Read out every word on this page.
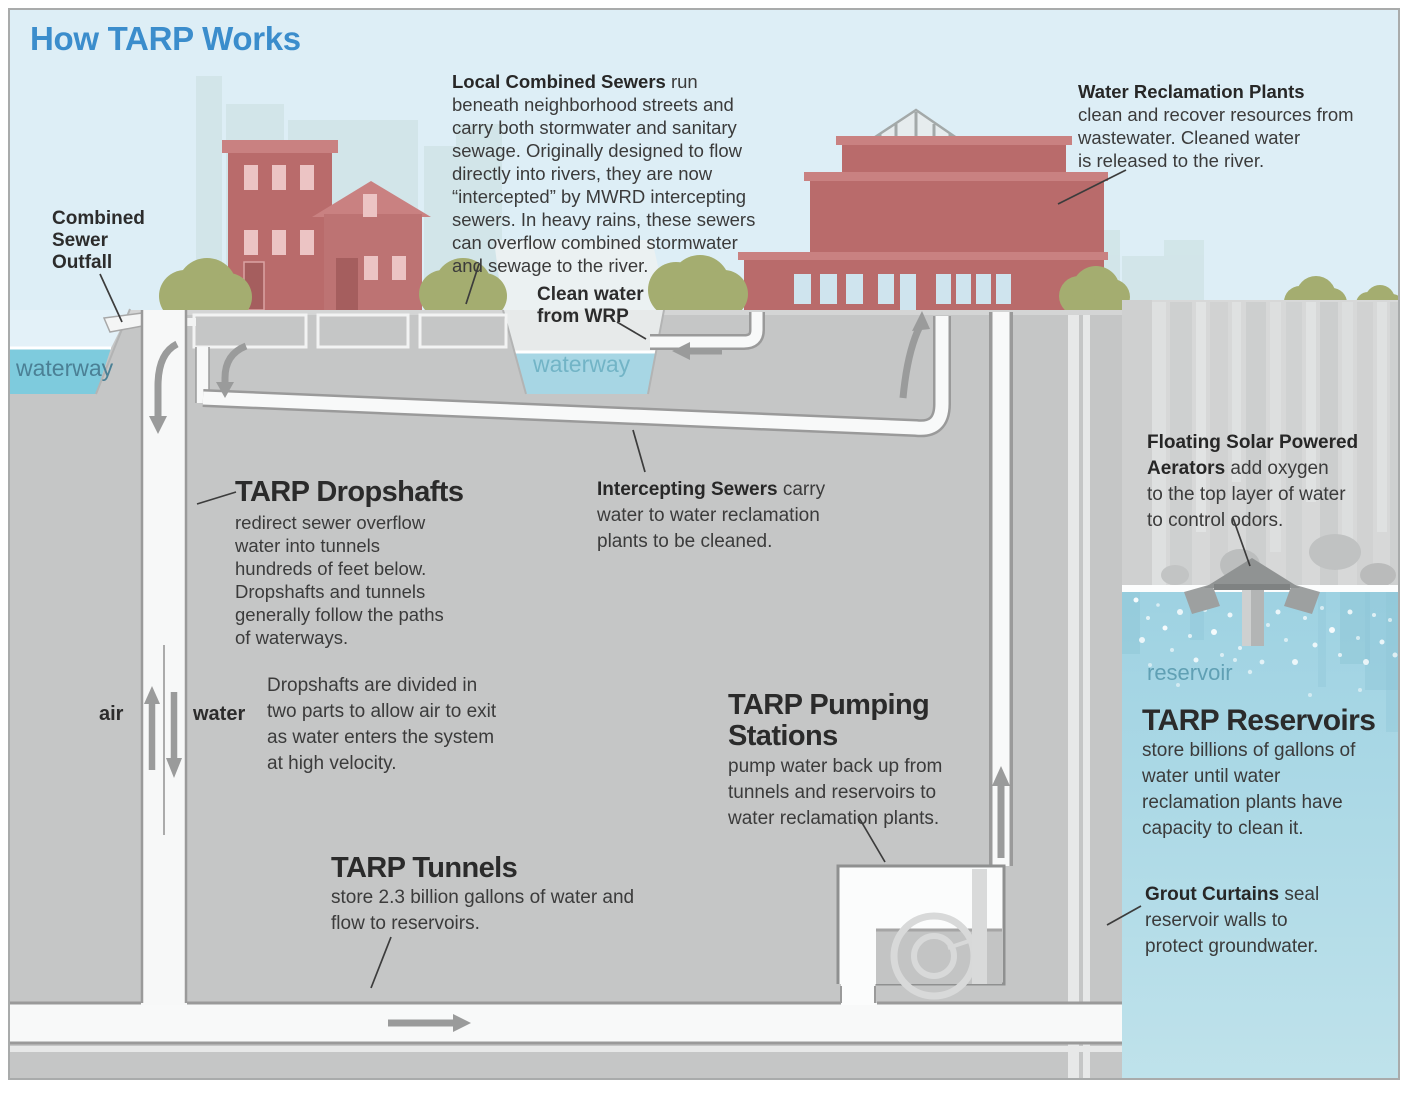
How TARP Works
Combined
Sewer
Outfall
Local Combined Sewers run
beneath neighborhood streets and
carry both stormwater and sanitary
sewage. Originally designed to flow
directly into rivers, they are now
“intercepted” by MWRD intercepting
sewers. In heavy rains, these sewers
can overflow combined stormwater
and sewage to the river.
Water Reclamation Plants
clean and recover resources from
wastewater. Cleaned water
is released to the river.
Clean water
from WRP
waterway	waterway
TARP Dropshafts
redirect sewer overflow
water into tunnels
hundreds of feet below.
Dropshafts and tunnels
generally follow the paths
of waterways.
Intercepting Sewers carry
water to water reclamation
plants to be cleaned.
Floating Solar Powered
Aerators add oxygen
to the top layer of water
to control odors.
air	water
Dropshafts are divided in
two parts to allow air to exit
as water enters the system
at high velocity.
TARP Pumping
Stations
pump water back up from
tunnels and reservoirs to
water reclamation plants.
reservoir
TARP Reservoirs
store billions of gallons of
water until water
reclamation plants have
capacity to clean it.
TARP Tunnels
store 2.3 billion gallons of water and
flow to reservoirs.
Grout Curtains seal
reservoir walls to
protect groundwater.
